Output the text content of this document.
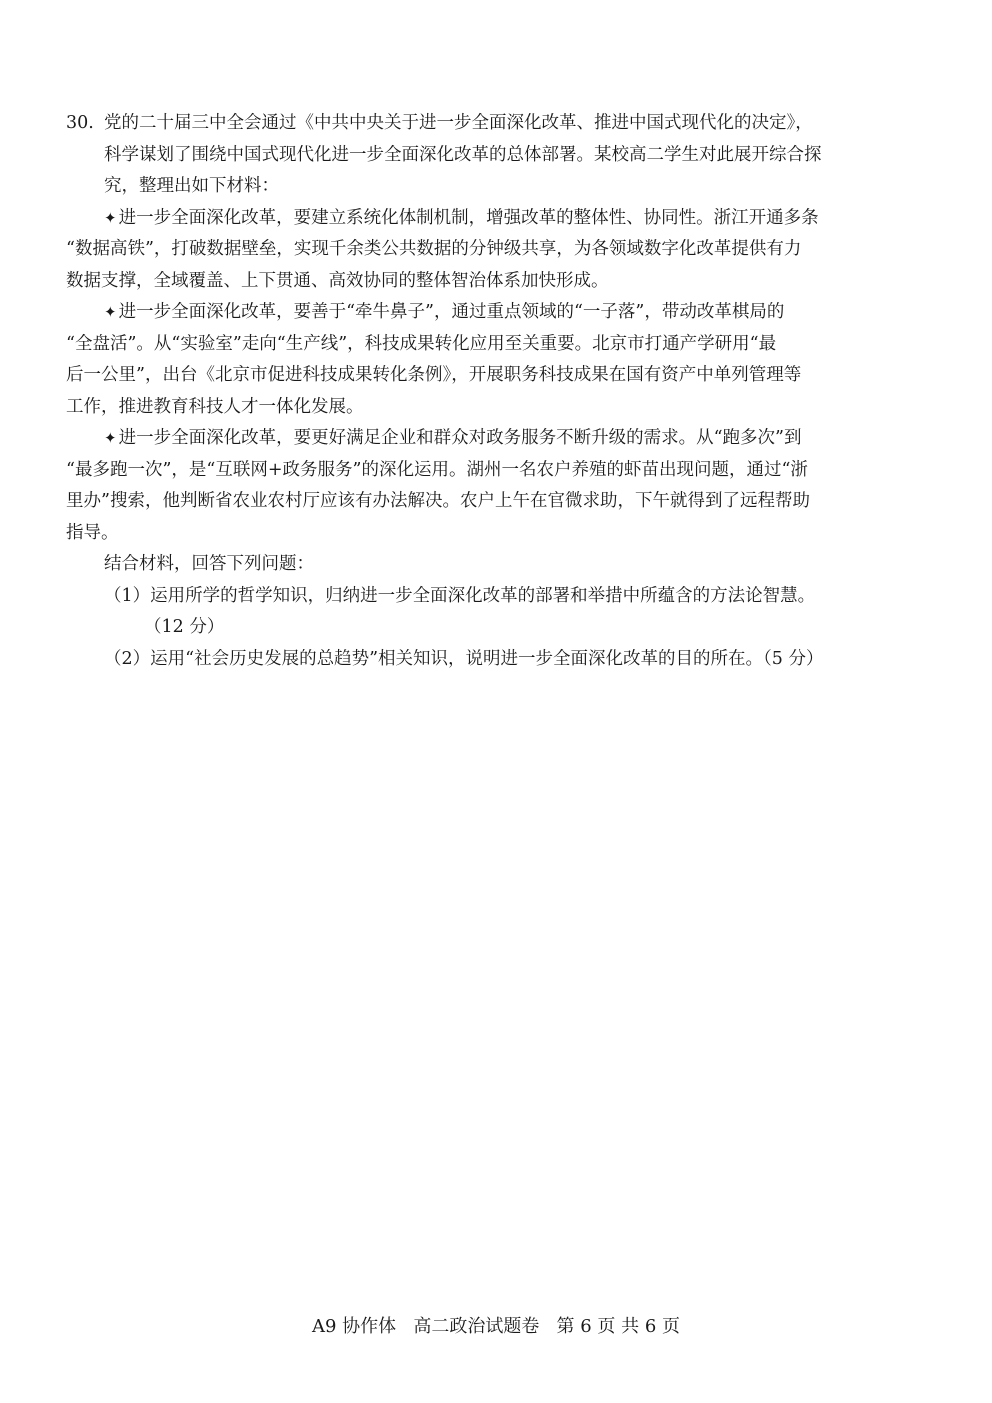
30. 党的二十届三中全会通过《中共中央关于进一步全面深化改革、推进中国式现代化的决定》，
科学谋划了围绕中国式现代化进一步全面深化改革的总体部署。某校高二学生对此展开综合探
究，整理出如下材料：
✦ 进一步全面深化改革，要建立系统化体制机制，增强改革的整体性、协同性。浙江开通多条
“数据高铁”，打破数据壁垒，实现千余类公共数据的分钟级共享，为各领域数字化改革提供有力
数据支撑，全域覆盖、上下贯通、高效协同的整体智治体系加快形成。
✦ 进一步全面深化改革，要善于“牵牛鼻子”，通过重点领域的“一子落”，带动改革棋局的
“全盘活”。从“实验室”走向“生产线”，科技成果转化应用至关重要。北京市打通产学研用“最
后一公里”，出台《北京市促进科技成果转化条例》，开展职务科技成果在国有资产中单列管理等
工作，推进教育科技人才一体化发展。
✦ 进一步全面深化改革，要更好满足企业和群众对政务服务不断升级的需求。从“跑多次”到
“最多跑一次”，是“互联网+政务服务”的深化运用。湖州一名农户养殖的虾苗出现问题，通过“浙
里办”搜索，他判断省农业农村厅应该有办法解决。农户上午在官微求助，下午就得到了远程帮助
指导。
结合材料，回答下列问题：
（1）运用所学的哲学知识，归纳进一步全面深化改革的部署和举措中所蕴含的方法论智慧。
（12 分）
（2）运用“社会历史发展的总趋势”相关知识，说明进一步全面深化改革的目的所在。（5 分）
A9 协作体 高二政治试题卷 第 6 页 共 6 页
